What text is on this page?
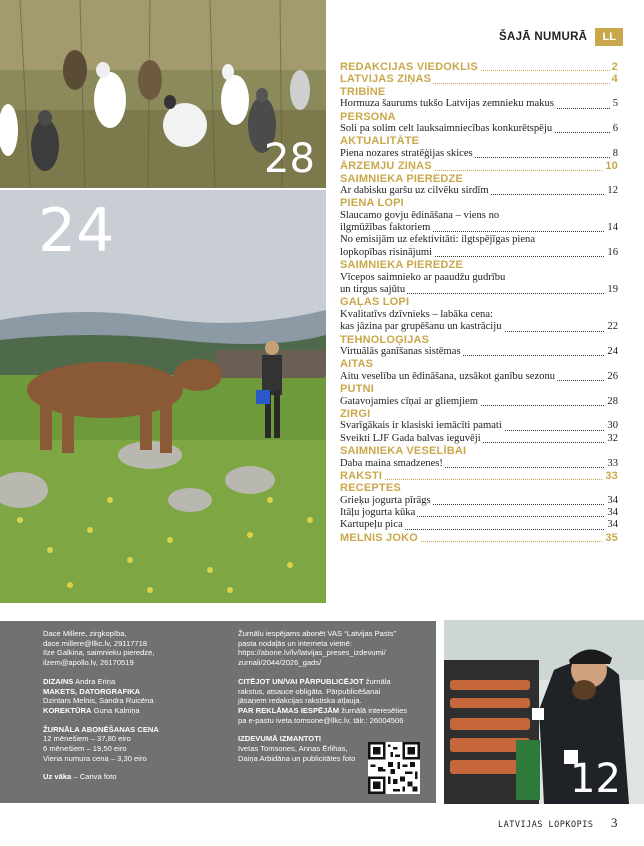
28
24
12
ŠAJĀ NUMURĀ	LL
REDAKCIJAS VIEDOKLIS	2
LATVIJAS ZIŅAS	4
TRIBĪNE
Hormuza šaurums tukšo Latvijas zemnieku makus	5
PERSONA
Soli pa solim celt lauksaimniecības konkurētspēju	6
AKTUALITĀTE
Piena nozares stratēģijas skices	8
ĀRZEMJU ZIŅAS	10
SAIMNIEKA PIEREDZE
Ar dabisku garšu uz cilvēku sirdīm	12
PIENA LOPI
Slaucamo govju ēdināšana – viens no
ilgmūžības faktoriem	14
No emisijām uz efektivitāti: ilgtspējīgas piena
lopkopības risinājumi	16
SAIMNIEKA PIEREDZE
Vīcepos saimnieko ar paaudžu gudrību
un tirgus sajūtu	19
GAĻAS LOPI
Kvalitatīvs dzīvnieks – labāka cena:
kas jāzina par grupēšanu un kastrāciju	22
TEHNOLOĢIJAS
Virtuālās ganīšanas sistēmas	24
AITAS
Aitu veselība un ēdināšana, uzsākot ganību sezonu	26
PUTNI
Gatavojamies cīņai ar gliemjiem	28
ZIRGI
Svarīgākais ir klasiski iemācīti pamati	30
Sveikti LJF Gada balvas ieguvēji	32
SAIMNIEKA VESELĪBAI
Daba maina smadzenes!	33
RAKSTI	33
RECEPTES
Grieķu jogurta pīrāgs	34
Itāļu jogurta kūka	34
Kartupeļu pica	34
MELNIS JOKO	35
Dace Millere, zirgkopība,
dace.millere@llkc.lv, 29117718
Ilze Galkina, saimnieku pieredze,
ilzem@apollo.lv, 26170519
DIZAINS Andra Eriņa
MAKETS, DATORGRAFIKA
Dzintars Melnis, Sandra Ruicēna
KOREKTŪRA Guna Kalniņa
ŽURNĀLA ABONĒŠANAS CENA
12 mēnešiem – 37,80 eiro
6 mēnešiem – 19,50 eiro
Viena numura cena – 3,30 eiro
Uz vāka – Canva foto
Žurnālu iespējams abonēt VAS “Latvijas Pasts”
pasta nodaļās un interneta vietnē:
https://abone.lv/lv/latvijas_preses_izdevumi/
zurnali/2044/2026_gads/
CITĒJOT UN/VAI PĀRPUBLICĒJOT žurnāla
rakstus, atsauce obligāta. Pārpublicēšanai
jāsaņem redakcijas rakstiska atļauja.
PAR REKLĀMAS IESPĒJĀM žurnālā interesēties
pa e-pastu iveta.tomsone@llkc.lv, tālr.: 26004506
IZDEVUMĀ IZMANTOTI
Ivetas Tomsones, Annas Ērlihas,
Daiņa Arbidāna un publicitātes foto
LATVIJAS LOPKOPIS 3
